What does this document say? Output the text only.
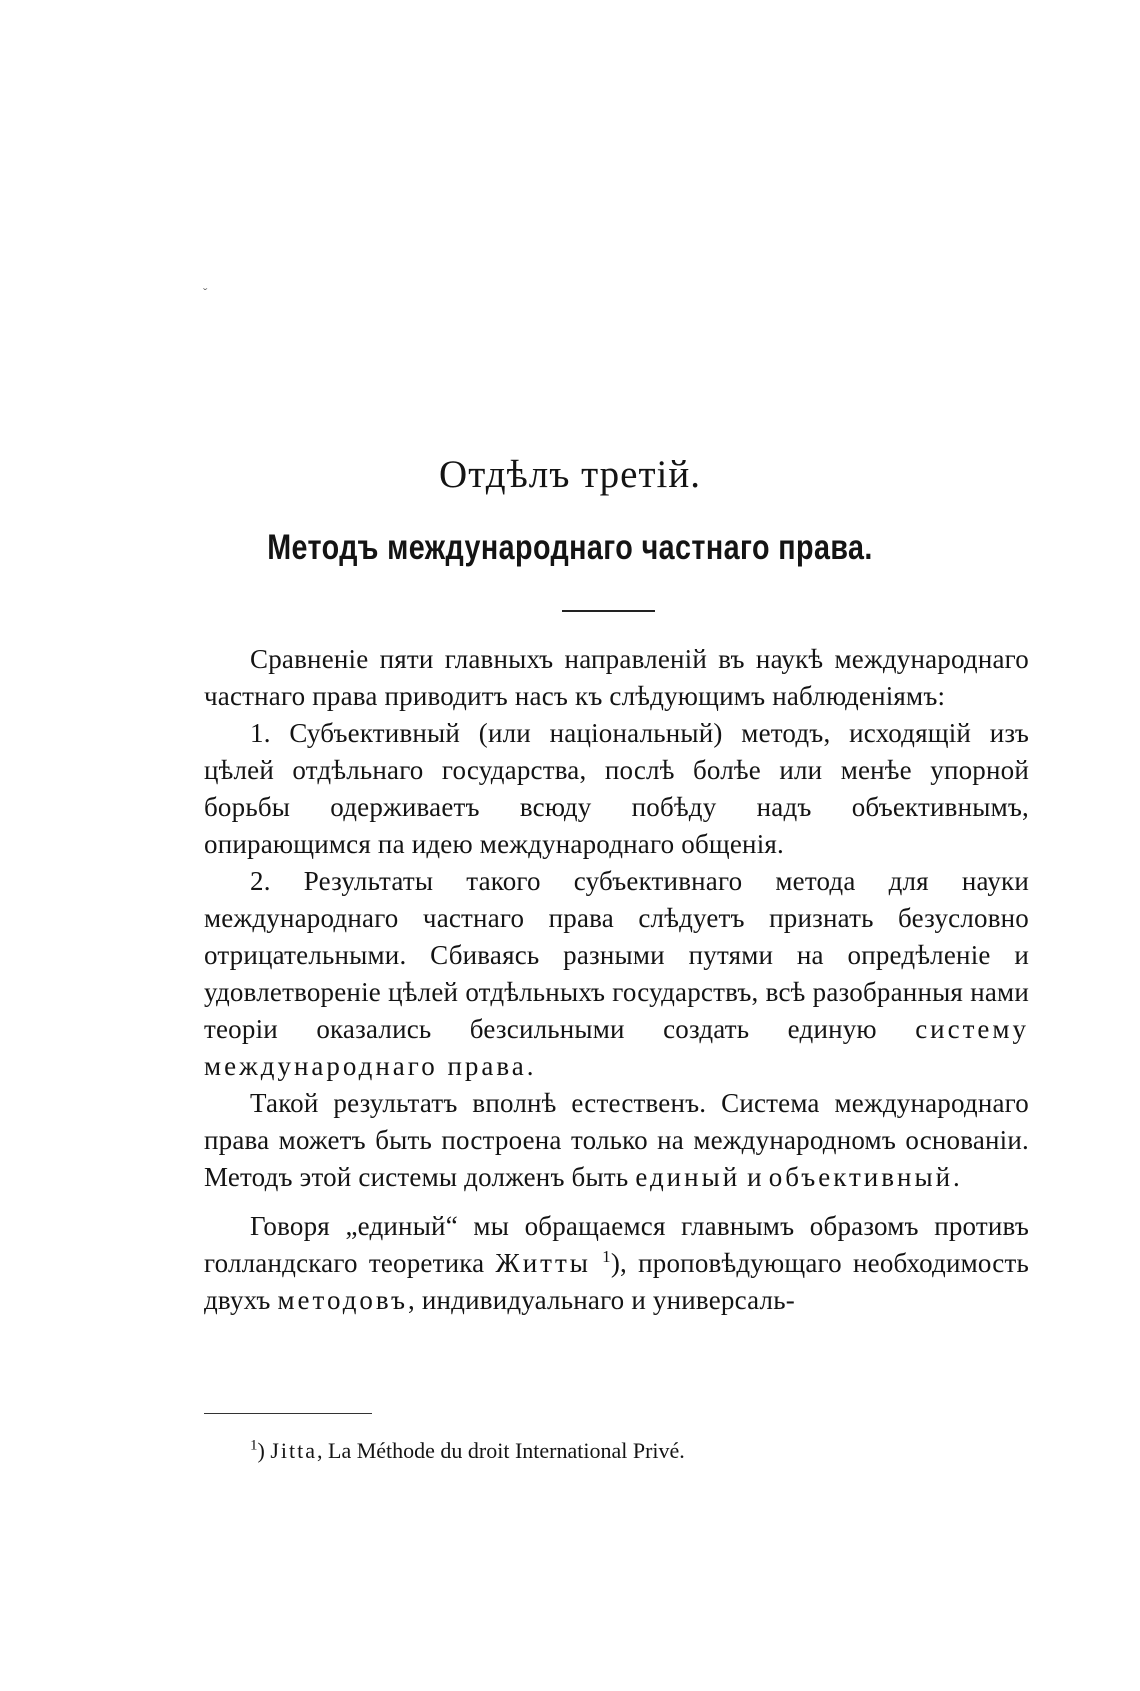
ˇ
Отдѣлъ третій.
Методъ международнаго частнаго права.

Сравненіе пяти главныхъ направленій въ наукѣ международнаго частнаго права приводитъ насъ къ слѣдующимъ наблюденіямъ:

1. Субъективный (или національный) методъ, исходящій изъ цѣлей отдѣльнаго государства, послѣ болѣе или менѣе упорной борьбы одерживаетъ всюду побѣду надъ объективнымъ, опирающимся па идею международнаго общенія.

2. Результаты такого субъективнаго метода для науки международнаго частнаго права слѣдуетъ признать безусловно отрицательными. Сбиваясь разными путями на опредѣленіе и удовлетвореніе цѣлей отдѣльныхъ государствъ, всѣ разобранныя нами теоріи оказались безсильными создать единую систему международнаго права.

Такой результатъ вполнѣ естественъ. Система международнаго права можетъ быть построена только на международномъ основаніи. Методъ этой системы долженъ быть единый и объективный.

Говоря „единый“ мы обращаемся главнымъ образомъ противъ голландскаго теоретика Житты $^1$), проповѣдующаго необходимость двухъ методовъ, индивидуальнаго и универсаль-

$^1$) Jitta, La Méthode du droit International Privé.
